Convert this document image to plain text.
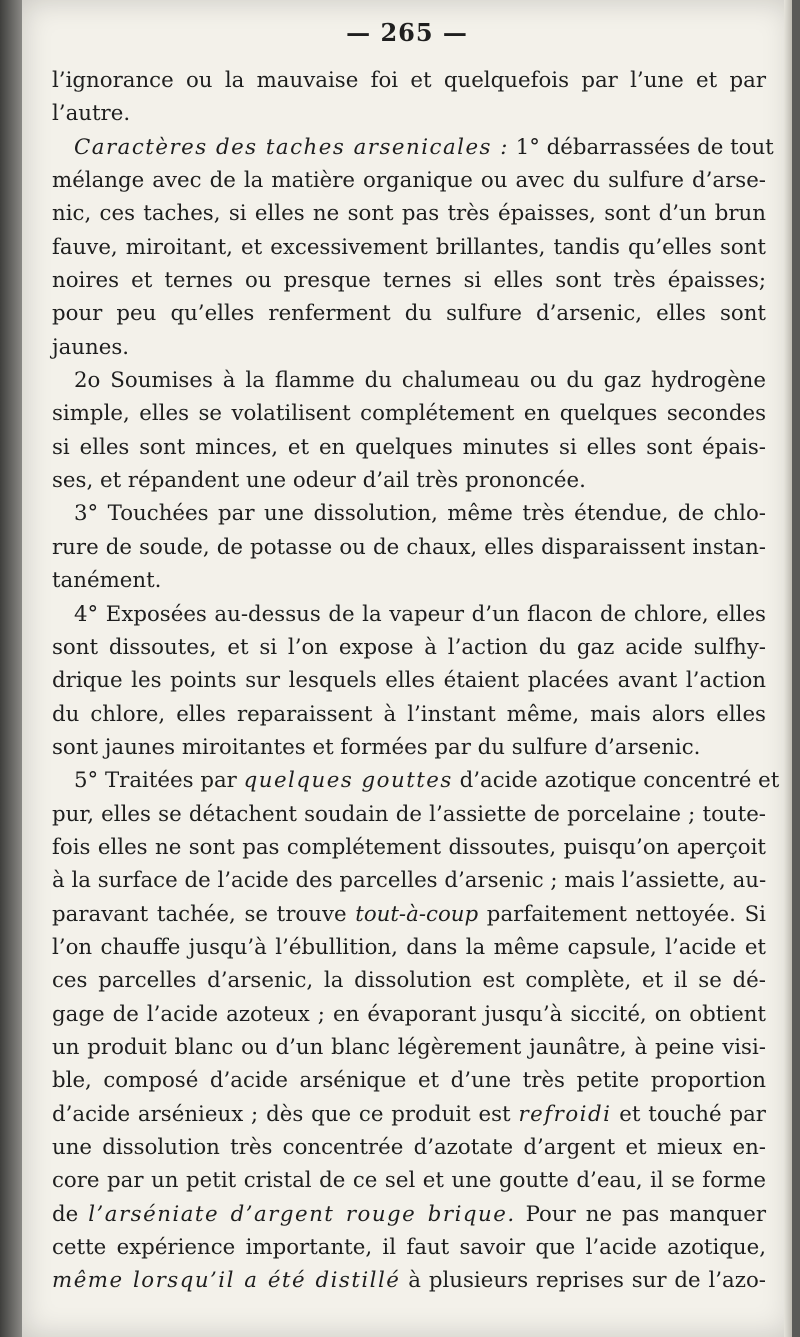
— 265 —
l’ignorance ou la mauvaise foi et quelquefois par l’une et par
l’autre.
Caractères des taches arsenicales : 1° débarrassées de tout
mélange avec de la matière organique ou avec du sulfure d’arse-
nic, ces taches, si elles ne sont pas très épaisses, sont d’un brun
fauve, miroitant, et excessivement brillantes, tandis qu’elles sont
noires et ternes ou presque ternes si elles sont très épaisses;
pour peu qu’elles renferment du sulfure d’arsenic, elles sont
jaunes.
2o Soumises à la flamme du chalumeau ou du gaz hydrogène
simple, elles se volatilisent complétement en quelques secondes
si elles sont minces, et en quelques minutes si elles sont épais-
ses, et répandent une odeur d’ail très prononcée.
3° Touchées par une dissolution, même très étendue, de chlo-
rure de soude, de potasse ou de chaux, elles disparaissent instan-
tanément.
4° Exposées au-dessus de la vapeur d’un flacon de chlore, elles
sont dissoutes, et si l’on expose à l’action du gaz acide sulfhy-
drique les points sur lesquels elles étaient placées avant l’action
du chlore, elles reparaissent à l’instant même, mais alors elles
sont jaunes miroitantes et formées par du sulfure d’arsenic.
5° Traitées par quelques gouttes d’acide azotique concentré et
pur, elles se détachent soudain de l’assiette de porcelaine ; toute-
fois elles ne sont pas complétement dissoutes, puisqu’on aperçoit
à la surface de l’acide des parcelles d’arsenic ; mais l’assiette, au-
paravant tachée, se trouve tout-à-coup parfaitement nettoyée. Si
l’on chauffe jusqu’à l’ébullition, dans la même capsule, l’acide et
ces parcelles d’arsenic, la dissolution est complète, et il se dé-
gage de l’acide azoteux ; en évaporant jusqu’à siccité, on obtient
un produit blanc ou d’un blanc légèrement jaunâtre, à peine visi-
ble, composé d’acide arsénique et d’une très petite proportion
d’acide arsénieux ; dès que ce produit est refroidi et touché par
une dissolution très concentrée d’azotate d’argent et mieux en-
core par un petit cristal de ce sel et une goutte d’eau, il se forme
de l’arséniate d’argent rouge brique. Pour ne pas manquer
cette expérience importante, il faut savoir que l’acide azotique,
même lorsqu’il a été distillé à plusieurs reprises sur de l’azo-
